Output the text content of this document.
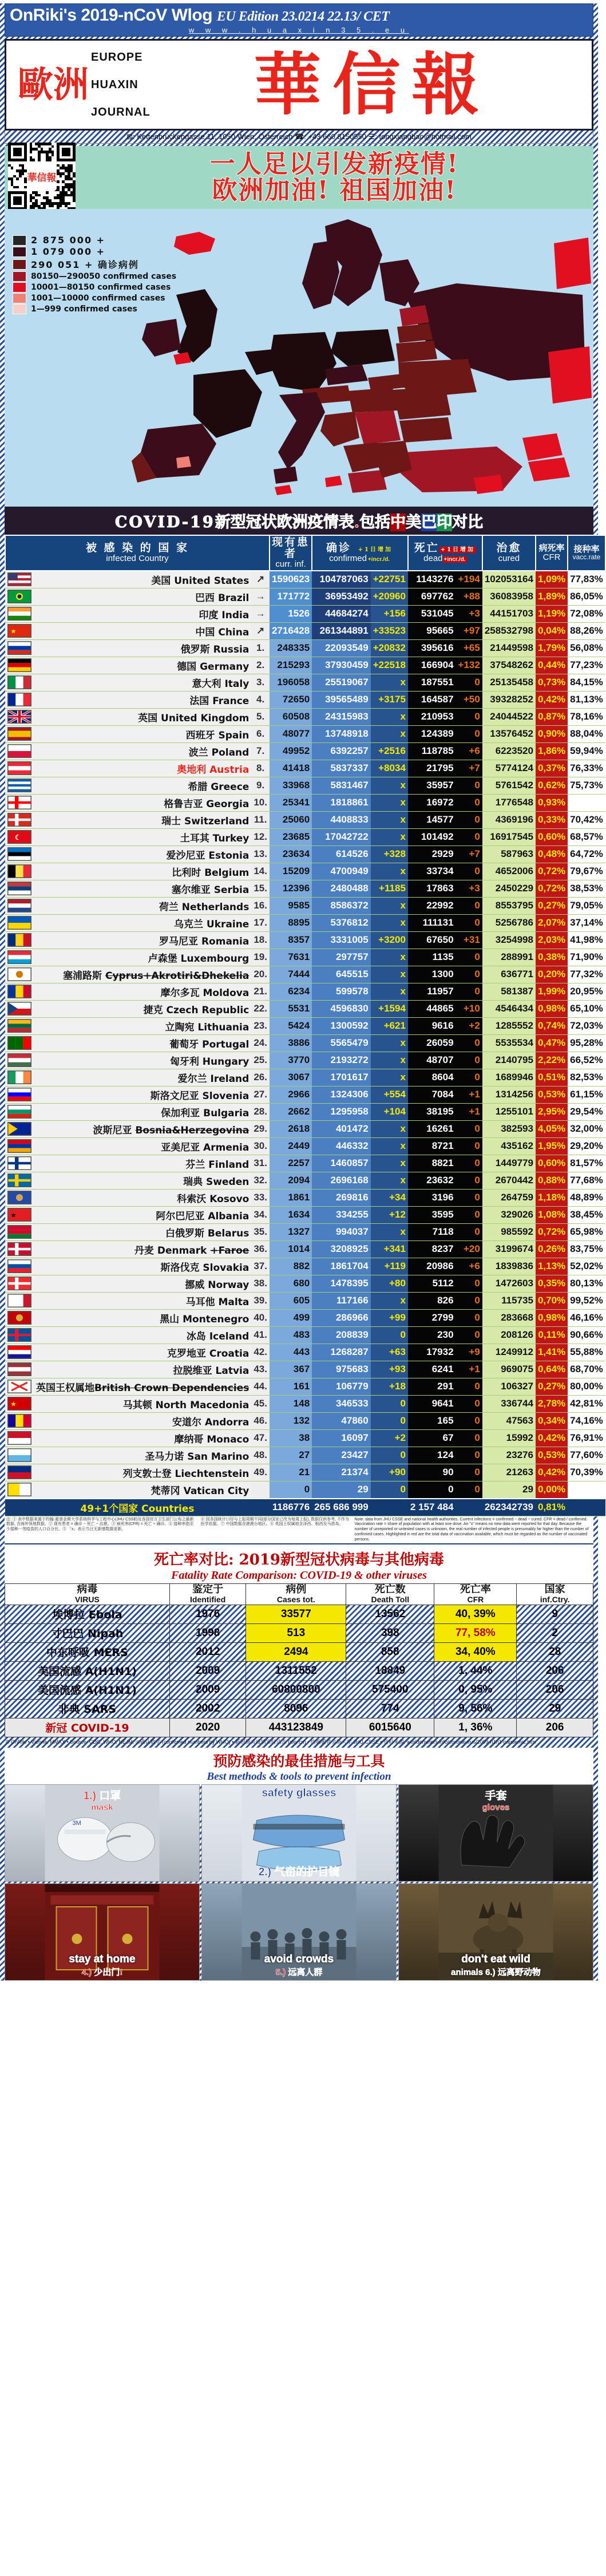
OnRiki's 2019-nCoV Wlog EU Edition 23.0214 22.13/ CET
w w w . h u a x i n 3 5 . e u
歐洲
EUROPE
HUAXIN
JOURNAL	華信報
⊠: Kettenbrückengasse 11, 1050 Wien, Österreich ☎: +43 660 8150550 ☰: tongxiangbao@hotmail.com
華信報	一人足以引发新疫情!
欧洲加油! 祖国加油!
2 875 000 +
1 079 000 +
290 051 + 确诊病例
80150—290050 confirmed cases
10001—80150 confirmed cases
1001—10000 confirmed cases
1—999 confirmed cases
COVID-19新型冠状欧洲疫情表.包括中美巴印对比
被 感 染 的 国 家
infected Country			现有患者
curr. inf.	确诊 +1日增加
confirmed +incr./d.		死亡 +1日增加
dead +incr./d.		治愈
cured	病死率
CFR	接种率
vacc.rate

	美国 United States	↗	1590623	104787063	+22751	1143276	+194	102053164	1,09%	77,83%

	巴西 Brazil	→	171772	36953492	+20960	697762	+88	36083958	1,89%	86,05%

	印度 India	→	1526	44684274	+156	531045	+3	44151703	1,19%	72,08%

★	中国 China	↗	2716428	261344891	+33523	95665	+97	258532798	0,04%	88,26%

	俄罗斯 Russia	1.	248335	22093549	+20832	395616	+65	21449598	1,79%	56,08%

	德国 Germany	2.	215293	37930459	+22518	166904	+132	37548262	0,44%	77,23%

	意大利 Italy	3.	196058	25519067	x	187551	0	25135458	0,73%	84,15%

	法国 France	4.	72650	39565489	+3175	164587	+50	39328252	0,42%	81,13%

	英国 United Kingdom	5.	60508	24315983	x	210953	0	24044522	0,87%	78,16%

	西班牙 Spain	6.	48077	13748918	x	124389	0	13576452	0,90%	88,04%

	波兰 Poland	7.	49952	6392257	+2516	118785	+6	6223520	1,86%	59,94%

	奥地利 Austria	8.	41418	5837337	+8034	21795	+7	5774124	0,37%	76,33%

	希腊 Greece	9.	33968	5831467	x	35957	0	5761542	0,62%	75,73%

	格鲁吉亚 Georgia	10.	25341	1818861	x	16972	0	1776548	0,93%	

	瑞士 Switzerland	11.	25060	4408833	x	14577	0	4369196	0,33%	70,42%

☾	土耳其 Turkey	12.	23685	17042722	x	101492	0	16917545	0,60%	68,57%

	爱沙尼亚 Estonia	13.	23634	614526	+328	2929	+7	587963	0,48%	64,72%

	比利时 Belgium	14.	15209	4700949	x	33734	0	4652006	0,72%	79,67%

	塞尔维亚 Serbia	15.	12396	2480488	+1185	17863	+3	2450229	0,72%	38,53%

	荷兰 Netherlands	16.	9585	8586372	x	22992	0	8553795	0,27%	79,05%

	乌克兰 Ukraine	17.	8895	5376812	x	111131	0	5256786	2,07%	37,14%

	罗马尼亚 Romania	18.	8357	3331005	+3200	67650	+31	3254998	2,03%	41,98%

	卢森堡 Luxembourg	19.	7631	297757	x	1135	0	288991	0,38%	71,90%

	塞浦路斯 Cyprus+Akrotiri&Dhekelia	20.	7444	645515	x	1300	0	636771	0,20%	77,32%

	摩尔多瓦 Moldova	21.	6234	599578	x	11957	0	581387	1,99%	20,95%

	捷克 Czech Republic	22.	5531	4596830	+1594	44865	+10	4546434	0,98%	65,10%

	立陶宛 Lithuania	23.	5424	1300592	+621	9616	+2	1285552	0,74%	72,03%

	葡萄牙 Portugal	24.	3886	5565479	x	26059	0	5535534	0,47%	95,28%

	匈牙利 Hungary	25.	3770	2193272	x	48707	0	2140795	2,22%	66,52%

	爱尔兰 Ireland	26.	3067	1701617	x	8604	0	1689946	0,51%	82,53%

	斯洛文尼亚 Slovenia	27.	2966	1324306	+554	7084	+1	1314256	0,53%	61,15%

	保加利亚 Bulgaria	28.	2662	1295958	+104	38195	+1	1255101	2,95%	29,54%

	波斯尼亚 Bosnia&Herzegovina	29.	2618	401472	x	16261	0	382593	4,05%	32,00%

	亚美尼亚 Armenia	30.	2449	446332	x	8721	0	435162	1,95%	29,20%

	芬兰 Finland	31.	2257	1460857	x	8821	0	1449779	0,60%	81,57%

	瑞典 Sweden	32.	2094	2696168	x	23632	0	2670442	0,88%	77,68%

	科索沃 Kosovo	33.	1861	269816	+34	3196	0	264759	1,18%	48,89%

★	阿尔巴尼亚 Albania	34.	1634	334255	+12	3595	0	329026	1,08%	38,45%

	白俄罗斯 Belarus	35.	1327	994037	x	7118	0	985592	0,72%	65,98%

	丹麦 Denmark +Faroe	36.	1014	3208925	+341	8237	+20	3199674	0,26%	83,75%

	斯洛伐克 Slovakia	37.	882	1861704	+119	20986	+6	1839836	1,13%	52,02%

	挪威 Norway	38.	680	1478395	+80	5112	0	1472603	0,35%	80,13%

	马耳他 Malta	39.	605	117166	x	826	0	115735	0,70%	99,52%

	黑山 Montenegro	40.	499	286966	+99	2799	0	283668	0,98%	46,16%

	冰岛 Iceland	41.	483	208839	0	230	0	208126	0,11%	90,66%

	克罗地亚 Croatia	42.	443	1268287	+63	17932	+9	1249912	1,41%	55,88%

	拉脱维亚 Latvia	43.	367	975683	+93	6241	+1	969075	0,64%	68,70%

	英国王权属地British Crown Dependencies	44.	161	106779	+18	291	0	106327	0,27%	80,00%

★	马其顿 North Macedonia	45.	148	346533	0	9641	0	336744	2,78%	42,81%

	安道尔 Andorra	46.	132	47860	0	165	0	47563	0,34%	74,16%

	摩纳哥 Monaco	47.	38	16097	+2	67	0	15992	0,42%	76,91%

	圣马力诺 San Marino	48.	27	23427	0	124	0	23276	0,53%	77,60%

	列支敦士登 Liechtenstein	49.	21	21374	+90	90	0	21263	0,42%	70,39%

	梵蒂冈 Vatican City		0	29	0	0	0	29	0,00%	
49+1个国家 Countries			1186776	265 686 999		2 157 484		262342739	0,81%	
注: ① 表中数据来源于约翰·霍普金斯大学系统科学与工程中心(JHU CSSE)及各国官方卫生部门公布之最新数据, 含海外领地数据。② 现有患者 = 确诊 − 死亡 − 治愈。③ 病死率(CFR) = 死亡 ÷ 确诊。④ 接种率指至少接种一剂疫苗的人口百分比。⑤ 「x」表示当日无新增数据更新。
⑥ 因各国统计口径与上报周期不同(部分国家已改为每周上报), 数据仅供参考, 不作为医学依据。⑦ 中国数据含港澳台地区。⑧ 英国王权属地含泽西、根西及马恩岛。
Note: data from JHU CSSE and national health authorities. Current infections = confirmed − dead − cured. CFR = dead / confirmed. Vaccination rate = share of population with at least one dose. An "x" means no new data were reported for that day. Because the number of unreported or untested cases is unknown, the real number of infected people is presumably far higher than the number of confirmed cases. Highlighted in red are the total data of vaccination available, which must be regarded as the number of vaccinated persons.
死亡率对比: 2019新型冠状病毒与其他病毒
Fatality Rate Comparison: COVID-19 & other viruses
病毒
VIRUS	鉴定于
Identified	病例
Cases tot.	死亡数
Death Toll	死亡率
CFR	国家
inf.Ctry.

埃博拉 Ebola	1976	33577	13562	40, 39%	9
寸巴巴 Nipah	1998	513	398	77, 58%	2
中东呼吸 MERS	2012	2494	858	34, 40%	28
美国流感 A(H1N1)	2009	1311552	18849	1, 44%	206
美国流感 A(H1N1)	2009	60800800	575400	0, 95%	206
非典 SARS	2002	8096	774	9, 56%	29
新冠 COVID-19	2020	443123849	6015640	1, 36%	206
© OnRiki • Vienna, MMXX • Source: CDC, WHO, NEJM; ◎确认数字 (confirmed numbers by WHO) • 新冠肺炎疫情实时动态 (dxy.cn) • 约翰霍普金斯大学 JHU CSSE • 资料来源: worldometers.info/coronavirus/2009-h1n1-pandemic.htm
预防感染的最佳措施与工具
Best methods & tools to prevent infection
3M
1.) 口罩
mask
safety glasses
2.) 气密的护目镜
手套
gloves
stay at home
4.) 少出门!
avoid crowds
5.) 远离人群
don't eat wild
animals 6.) 远离野动物
